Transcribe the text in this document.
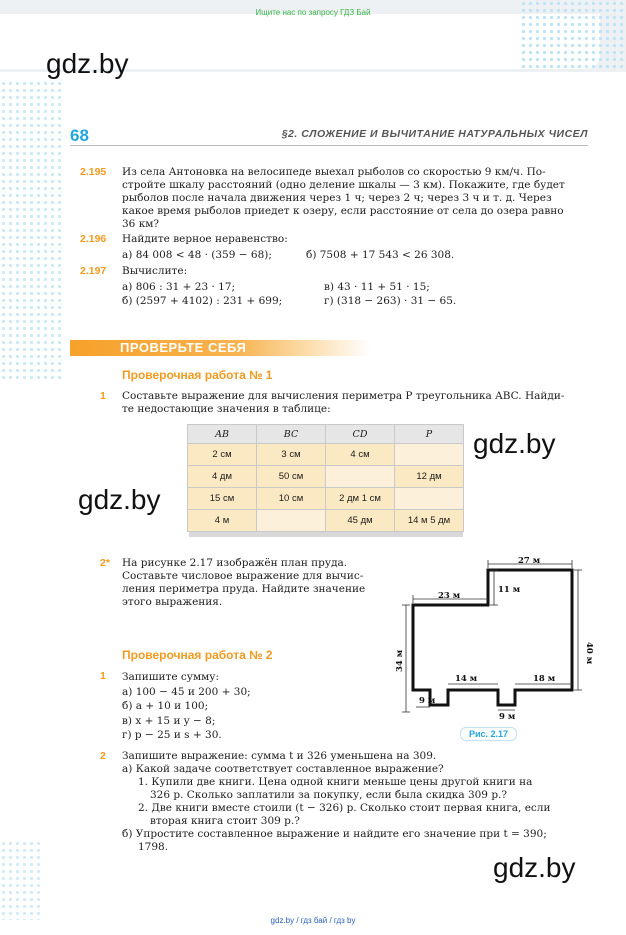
Ищите нас по запросу ГДЗ Бай
gdz.by
gdz.by
gdz.by
gdz.by
68	§2. СЛОЖЕНИЕ И ВЫЧИТАНИЕ НАТУРАЛЬНЫХ ЧИСЕЛ
2.195 Из села Антоновка на велосипеде выехал рыболов со скоростью 9 км/ч. По-
стройте шкалу расстояний (одно деление шкалы — 3 км). Покажите, где будет
рыболов после начала движения через 1 ч; через 2 ч; через 3 ч и т. д. Через
какое время рыболов приедет к озеру, если расстояние от села до озера равно
36 км?
2.196 Найдите верное неравенство:
а) 84 008 < 48 · (359 − 68);	б) 7508 + 17 543 < 26 308.
2.197 Вычислите:
а) 806 : 31 + 23 · 17;	в) 43 · 11 + 51 · 15;
б) (2597 + 4102) : 231 + 699;	г) (318 − 263) · 31 − 65.
ПРОВЕРЬТЕ СЕБЯ
Проверочная работа № 1
1 Составьте выражение для вычисления периметра P треугольника ABC. Найди-
те недостающие значения в таблице:
AB	BC	CD	P
2 см	3 см	4 см	
4 дм	50 см		12 дм
15 см	10 см	2 дм 1 см	
4 м		45 дм	14 м 5 дм
2* На рисунке 2.17 изображён план пруда.
Составьте числовое выражение для вычис-
ления периметра пруда. Найдите значение
этого выражения.
27 м
23 м
11 м
40 м
34 м
14 м	18 м
9 м
9 м
Рис. 2.17
Проверочная работа № 2
1 Запишите сумму:
а) 100 − 45 и 200 + 30;
б) a + 10 и 100;
в) x + 15 и y − 8;
г) p − 25 и s + 30.
2 Запишите выражение: сумма t и 326 уменьшена на 309.
а) Какой задаче соответствует составленное выражение?
1. Купили две книги. Цена одной книги меньше цены другой книги на
326 р. Сколько заплатили за покупку, если была скидка 309 р.?
2. Две книги вместе стоили (t − 326) р. Сколько стоит первая книга, если
вторая книга стоит 309 р.?
б) Упростите составленное выражение и найдите его значение при t = 390;
1798.
gdz.by / гдз бай / гдз by
